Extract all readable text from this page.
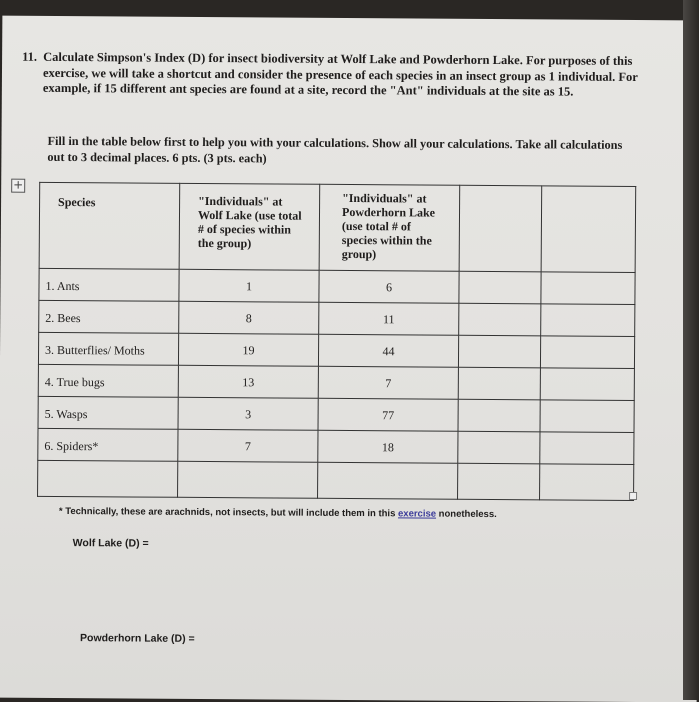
11. Calculate Simpson's Index (D) for insect biodiversity at Wolf Lake and Powderhorn Lake. For purposes of this exercise, we will take a shortcut and consider the presence of each species in an insect group as 1 individual. For example, if 15 different ant species are found at a site, record the "Ant" individuals at the site as 15.
Fill in the table below first to help you with your calculations. Show all your calculations. Take all calculations out to 3 decimal places. 6 pts. (3 pts. each)
+
Species	"Individuals" at Wolf Lake (use total # of species within the group)	"Individuals" at Powderhorn Lake (use total # of species within the group)		
1. Ants	1	6		
2. Bees	8	11		
3. Butterflies/ Moths	19	44		
4. True bugs	13	7		
5. Wasps	3	77		
6. Spiders*	7	18		

* Technically, these are arachnids, not insects, but will include them in this exercise nonetheless.
Wolf Lake (D) =
Powderhorn Lake (D) =
